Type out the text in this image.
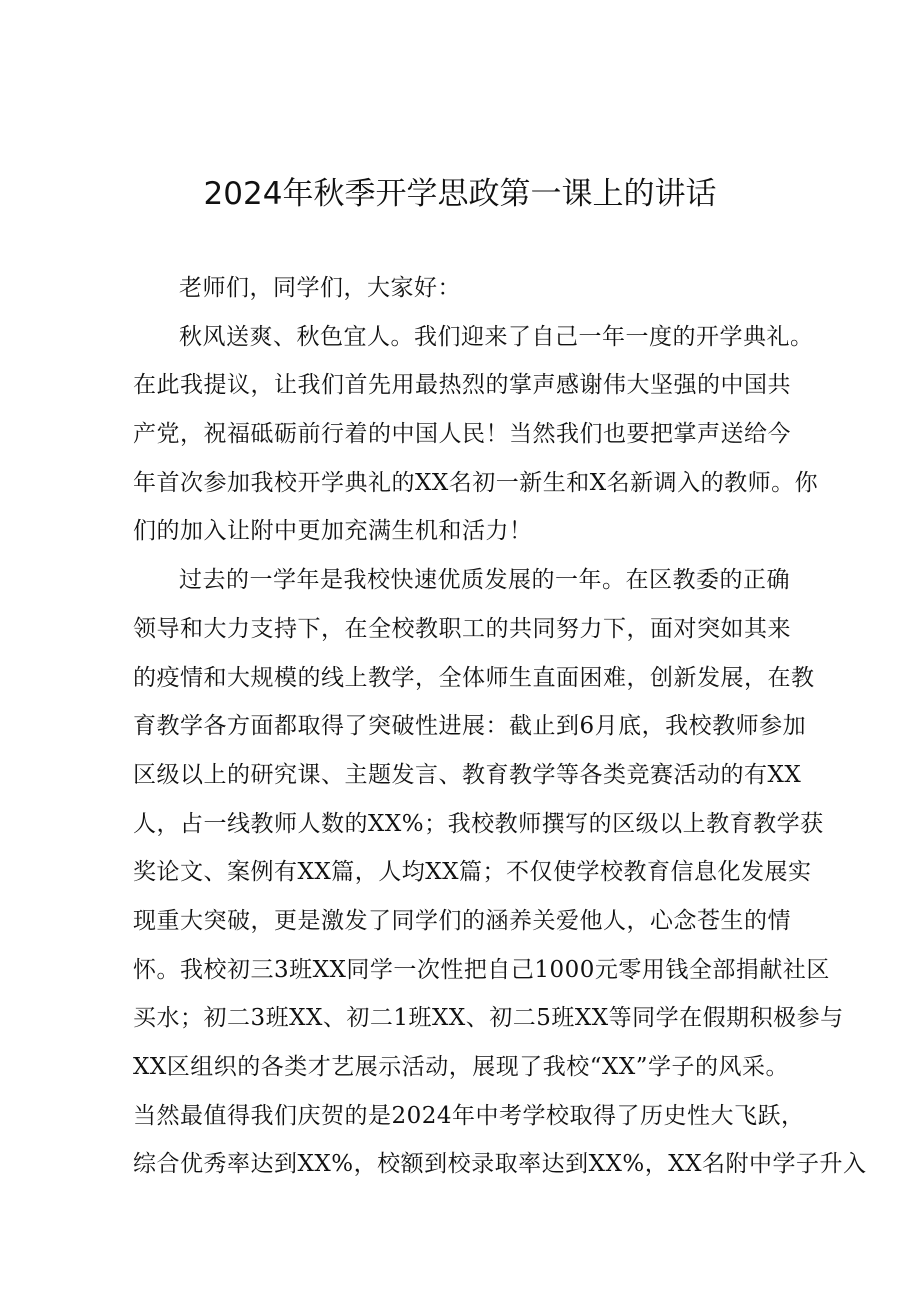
2024年秋季开学思政第一课上的讲话
老师们，同学们，大家好：
秋风送爽、秋色宜人。我们迎来了自己一年一度的开学典礼。
在此我提议，让我们首先用最热烈的掌声感谢伟大坚强的中国共
产党，祝福砥砺前行着的中国人民！当然我们也要把掌声送给今
年首次参加我校开学典礼的XX名初一新生和X名新调入的教师。你
们的加入让附中更加充满生机和活力！
过去的一学年是我校快速优质发展的一年。在区教委的正确
领导和大力支持下，在全校教职工的共同努力下，面对突如其来
的疫情和大规模的线上教学，全体师生直面困难，创新发展，在教
育教学各方面都取得了突破性进展：截止到6月底，我校教师参加
区级以上的研究课、主题发言、教育教学等各类竞赛活动的有XX
人，占一线教师人数的XX%；我校教师撰写的区级以上教育教学获
奖论文、案例有XX篇，人均XX篇；不仅使学校教育信息化发展实
现重大突破，更是激发了同学们的涵养关爱他人，心念苍生的情
怀。我校初三3班XX同学一次性把自己1000元零用钱全部捐献社区
买水；初二3班XX、初二1班XX、初二5班XX等同学在假期积极参与
XX区组织的各类才艺展示活动，展现了我校“XX”学子的风采。
当然最值得我们庆贺的是2024年中考学校取得了历史性大飞跃，
综合优秀率达到XX%，校额到校录取率达到XX%，XX名附中学子升入
